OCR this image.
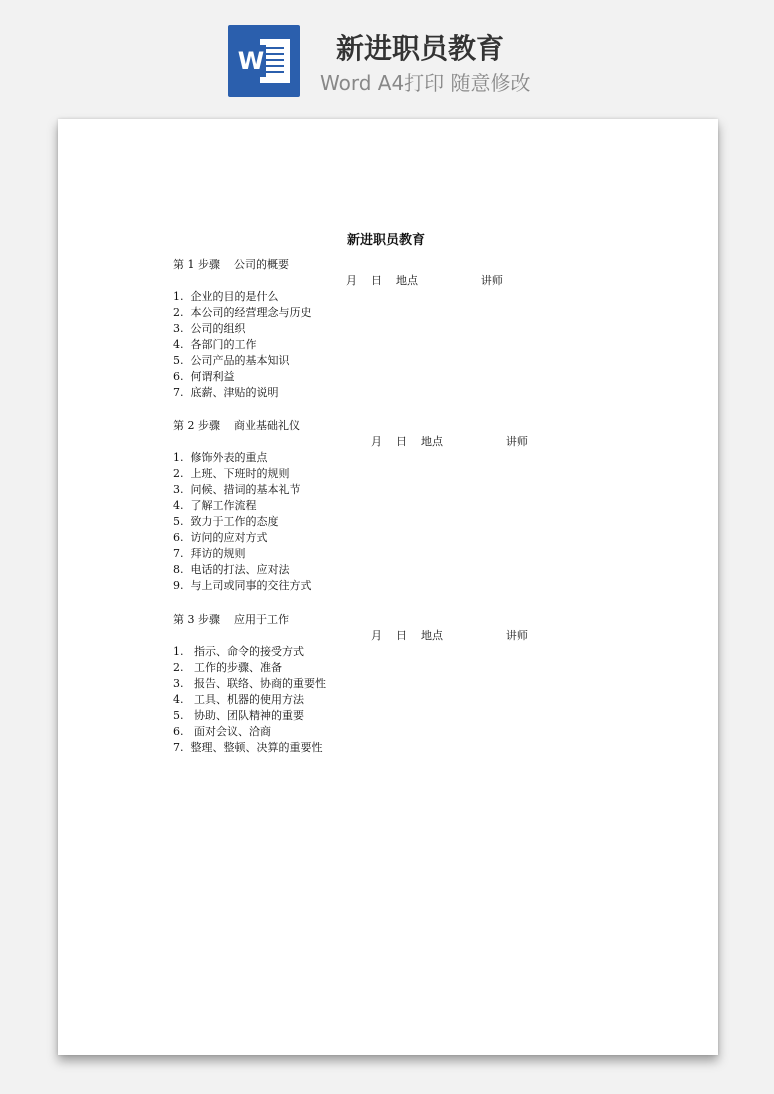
W	新进职员教育
Word A4打印 随意修改
新进职员教育
第 1 步骤    公司的概要
月    日    地点                  讲师
1.  企业的目的是什么
2.  本公司的经营理念与历史
3.  公司的组织
4.  各部门的工作
5.  公司产品的基本知识
6.  何谓利益
7.  底薪、津贴的说明
第 2 步骤    商业基础礼仪
月    日    地点                  讲师
1.  修饰外表的重点
2.  上班、下班时的规则
3.  问候、措词的基本礼节
4.  了解工作流程
5.  致力于工作的态度
6.  访问的应对方式
7.  拜访的规则
8.  电话的打法、应对法
9.  与上司或同事的交往方式
第 3 步骤    应用于工作
月    日    地点                  讲师
1.   指示、命令的接受方式
2.   工作的步骤、准备
3.   报告、联络、协商的重要性
4.   工具、机器的使用方法
5.   协助、团队精神的重要
6.   面对会议、洽商
7.  整理、整顿、决算的重要性
